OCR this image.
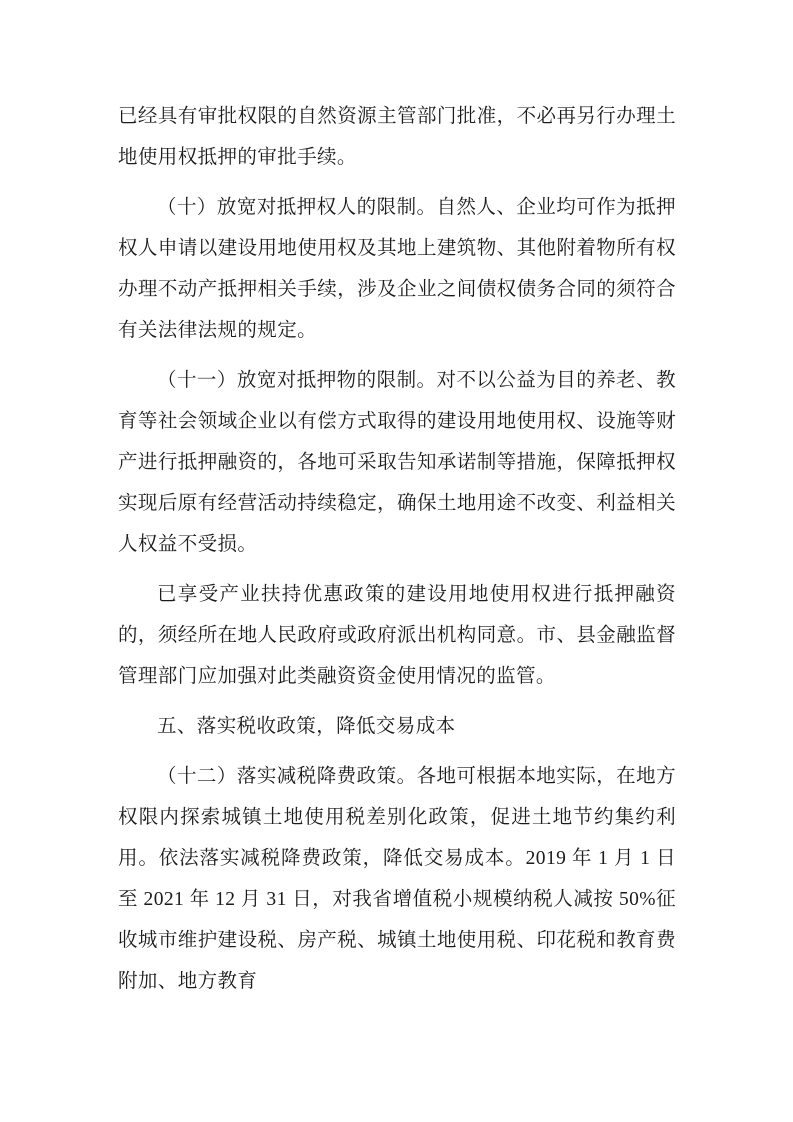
已经具有审批权限的自然资源主管部门批准，不必再另行办理土地使用权抵押的审批手续。

（十）放宽对抵押权人的限制。自然人、企业均可作为抵押权人申请以建设用地使用权及其地上建筑物、其他附着物所有权办理不动产抵押相关手续，涉及企业之间债权债务合同的须符合有关法律法规的规定。

（十一）放宽对抵押物的限制。对不以公益为目的养老、教育等社会领域企业以有偿方式取得的建设用地使用权、设施等财产进行抵押融资的，各地可采取告知承诺制等措施，保障抵押权实现后原有经营活动持续稳定，确保土地用途不改变、利益相关人权益不受损。

已享受产业扶持优惠政策的建设用地使用权进行抵押融资的，须经所在地人民政府或政府派出机构同意。市、县金融监督管理部门应加强对此类融资资金使用情况的监管。

五、落实税收政策，降低交易成本

（十二）落实减税降费政策。各地可根据本地实际，在地方权限内探索城镇土地使用税差别化政策，促进土地节约集约利用。依法落实减税降费政策，降低交易成本。2019 年 1 月 1 日至 2021 年 12 月 31 日，对我省增值税小规模纳税人减按 50%征收城市维护建设税、房产税、城镇土地使用税、印花税和教育费附加、地方教育
